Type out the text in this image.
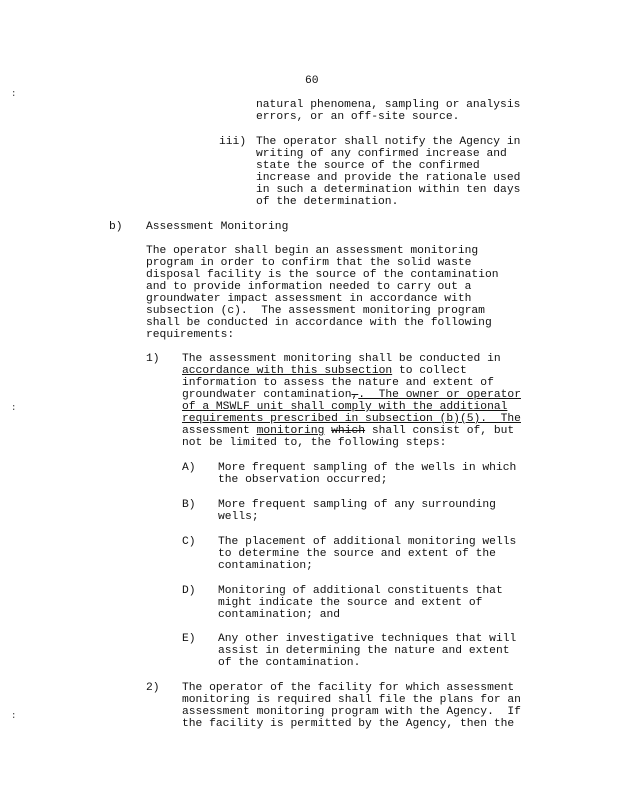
:
:
:
60
natural phenomena, sampling or analysis
errors, or an off-site source.
iii) The operator shall notify the Agency in
writing of any confirmed increase and
state the source of the confirmed
increase and provide the rationale used
in such a determination within ten days
of the determination.
b) Assessment Monitoring
The operator shall begin an assessment monitoring
program in order to confirm that the solid waste
disposal facility is the source of the contamination
and to provide information needed to carry out a
groundwater impact assessment in accordance with
subsection (c).  The assessment monitoring program
shall be conducted in accordance with the following
requirements:
1) The assessment monitoring shall be conducted in
accordance with this subsection to collect
information to assess the nature and extent of
groundwater contamination,.  The owner or operator
of a MSWLF unit shall comply with the additional
requirements prescribed in subsection (b)(5).  The
assessment monitoring which shall consist of, but
not be limited to, the following steps:
A) More frequent sampling of the wells in which
the observation occurred;
B) More frequent sampling of any surrounding
wells;
C) The placement of additional monitoring wells
to determine the source and extent of the
contamination;
D) Monitoring of additional constituents that
might indicate the source and extent of
contamination; and
E) Any other investigative techniques that will
assist in determining the nature and extent
of the contamination.
2) The operator of the facility for which assessment
monitoring is required shall file the plans for an
assessment monitoring program with the Agency.  If
the facility is permitted by the Agency, then the
